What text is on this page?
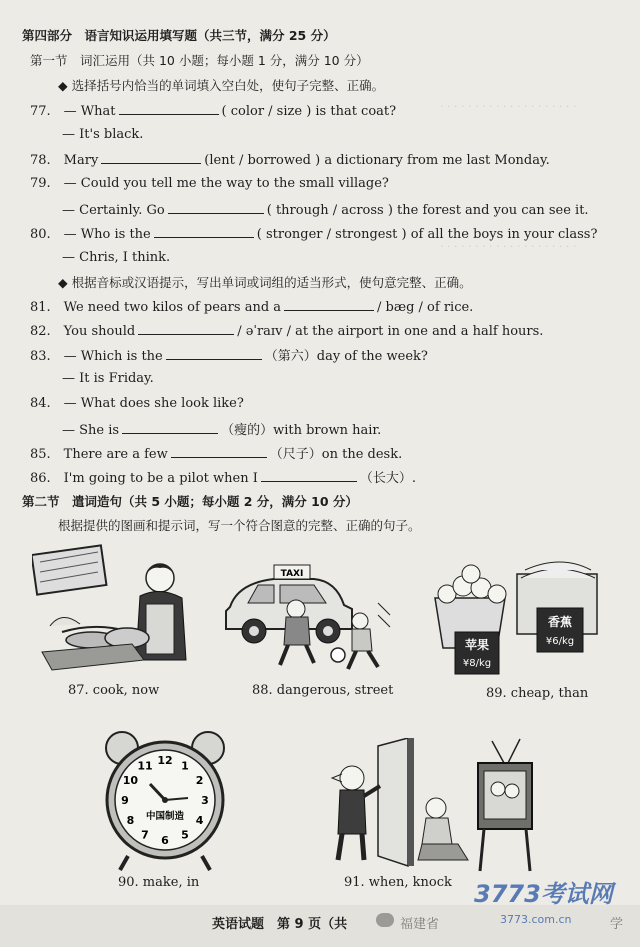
· · · · · · · · · · · · · · · · · · · ·
· · · · · · · · · · · · · · · · · · · ·
第四部分　语言知识运用填写题（共三节，满分 25 分）
第一节　词汇运用（共 10 小题；每小题 1 分，满分 10 分）
◆ 选择括号内恰当的单词填入空白处，使句子完整、正确。
77.　— What	( color / size ) is that coat?
— It's black.
78.　Mary	(lent / borrowed ) a dictionary from me last Monday.
79.　— Could you tell me the way to the small village?
— Certainly. Go	( through / across ) the forest and you can see it.
80.　— Who is the	( stronger / strongest ) of all the boys in your class?
— Chris, I think.
◆ 根据音标或汉语提示，写出单词或词组的适当形式，使句意完整、正确。
81.　We need two kilos of pears and a	/ bæg / of rice.
82.　You should	/ əˈraɪv / at the airport in one and a half hours.
83.　— Which is the	（第六）day of the week?
— It is Friday.
84.　— What does she look like?
— She is	（瘦的）with brown hair.
85.　There are a few	（尺子）on the desk.
86.　I'm going to be a pilot when I	（长大）.
第二节　遣词造句（共 5 小题；每小题 2 分，满分 10 分）
根据提供的图画和提示词，写一个符合图意的完整、正确的句子。
87. cook, now
TAXI
88. dangerous, street
苹果
¥8/kg
香蕉
¥6/kg
89. cheap, than
12 1
2
3
4
5
6
7
8
9
10
11
中国制造
90. make, in	91. when, knock
英语试题　第 9 页（共	福建省	学
3773考试网
3773.com.cn
